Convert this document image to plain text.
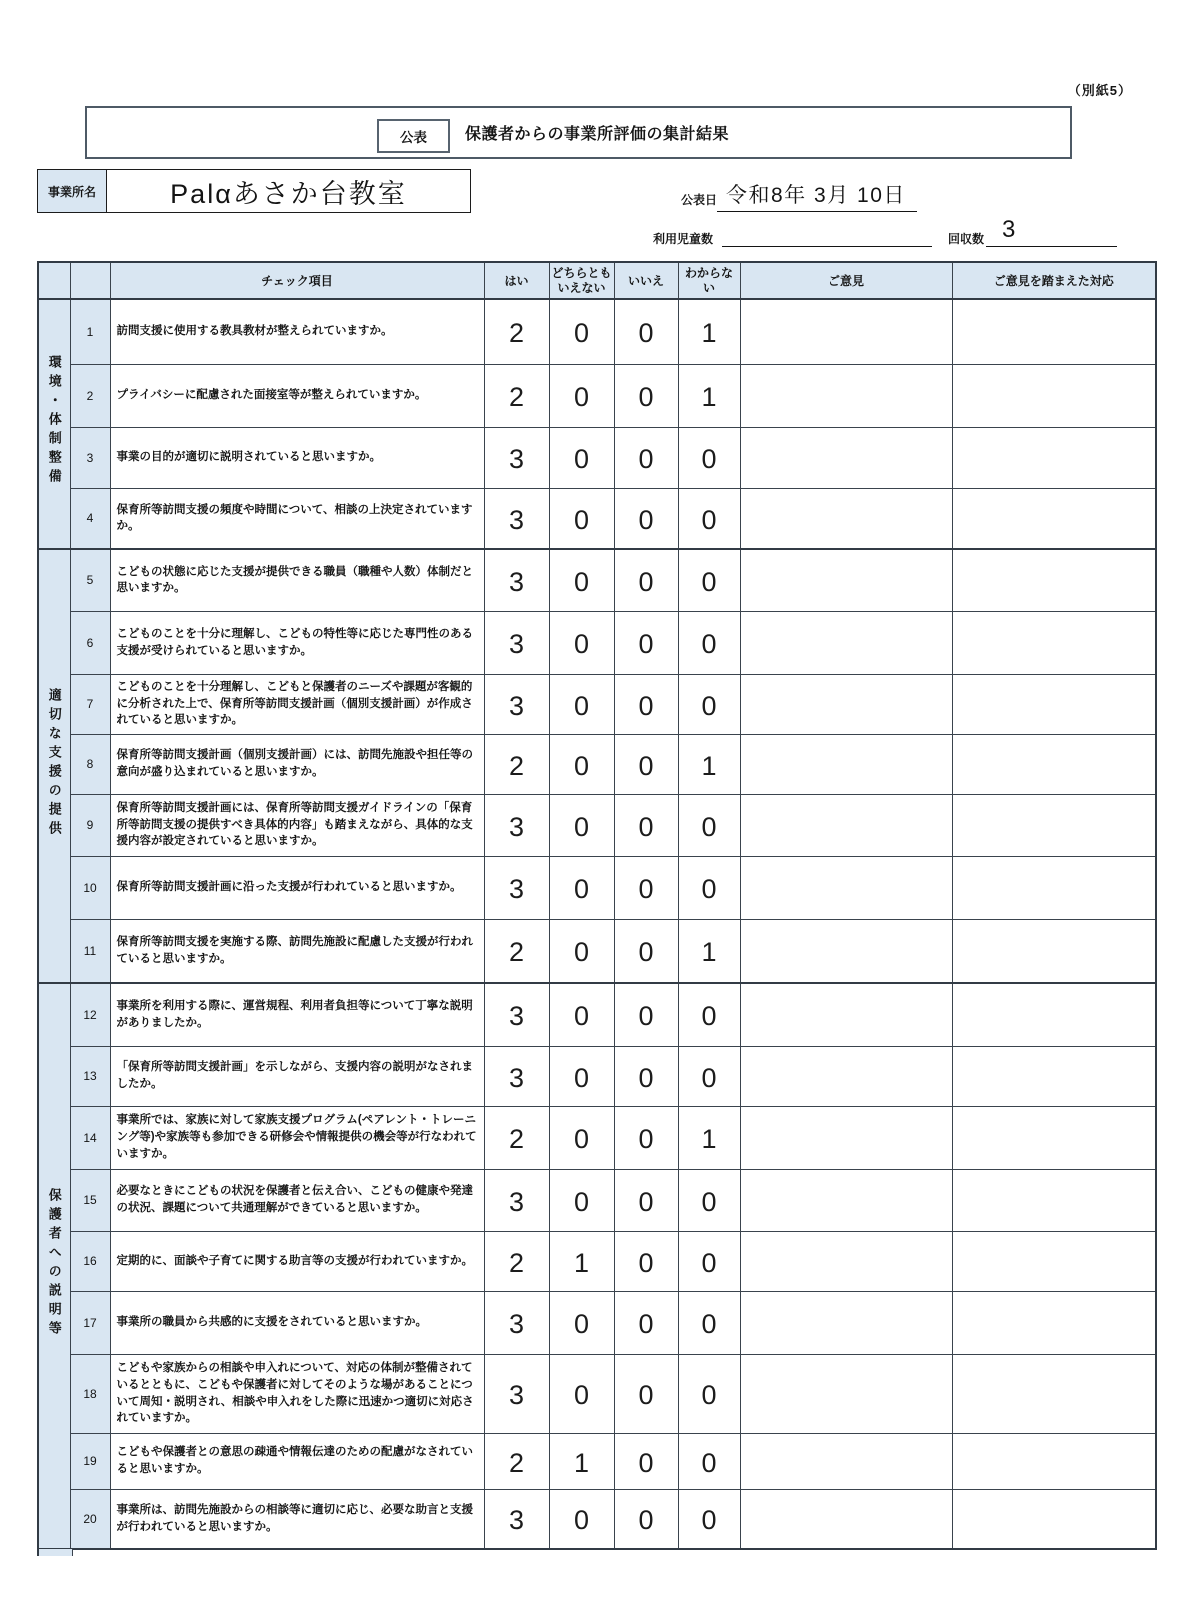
（別紙5）
公表	保護者からの事業所評価の集計結果
事業所名	Palαあさか台教室	公表日 令和8年 3月 10日
利用児童数	回収数 3
		チェック項目	はい	どちらともいえない	いいえ	わからない	ご意見	ご意見を踏まえた対応
環境・体制整備	1	訪問支援に使用する教具教材が整えられていますか。	2	0	0	1		
	2	プライバシーに配慮された面接室等が整えられていますか。	2	0	0	1		
	3	事業の目的が適切に説明されていると思いますか。	3	0	0	0		
	4	保育所等訪問支援の頻度や時間について、相談の上決定されていますか。	3	0	0	0		
適切な支援の提供	5	こどもの状態に応じた支援が提供できる職員（職種や人数）体制だと思いますか。	3	0	0	0		
	6	こどものことを十分に理解し、こどもの特性等に応じた専門性のある支援が受けられていると思いますか。	3	0	0	0		
	7	こどものことを十分理解し、こどもと保護者のニーズや課題が客観的に分析された上で、保育所等訪問支援計画（個別支援計画）が作成されていると思いますか。	3	0	0	0		
	8	保育所等訪問支援計画（個別支援計画）には、訪問先施設や担任等の意向が盛り込まれていると思いますか。	2	0	0	1		
	9	保育所等訪問支援計画には、保育所等訪問支援ガイドラインの「保育所等訪問支援の提供すべき具体的内容」も踏まえながら、具体的な支援内容が設定されていると思いますか。	3	0	0	0		
	10	保育所等訪問支援計画に沿った支援が行われていると思いますか。	3	0	0	0		
	11	保育所等訪問支援を実施する際、訪問先施設に配慮した支援が行われていると思いますか。	2	0	0	1		
保護者への説明等	12	事業所を利用する際に、運営規程、利用者負担等について丁寧な説明がありましたか。	3	0	0	0		
	13	「保育所等訪問支援計画」を示しながら、支援内容の説明がなされましたか。	3	0	0	0		
	14	事業所では、家族に対して家族支援プログラム(ペアレント・トレーニング等)や家族等も参加できる研修会や情報提供の機会等が行なわれていますか。	2	0	0	1		
	15	必要なときにこどもの状況を保護者と伝え合い、こどもの健康や発達の状況、課題について共通理解ができていると思いますか。	3	0	0	0		
	16	定期的に、面談や子育てに関する助言等の支援が行われていますか。	2	1	0	0		
	17	事業所の職員から共感的に支援をされていると思いますか。	3	0	0	0		
	18	こどもや家族からの相談や申入れについて、対応の体制が整備されているとともに、こどもや保護者に対してそのような場があることについて周知・説明され、相談や申入れをした際に迅速かつ適切に対応されていますか。	3	0	0	0		
	19	こどもや保護者との意思の疎通や情報伝達のための配慮がなされていると思いますか。	2	1	0	0		
	20	事業所は、訪問先施設からの相談等に適切に応じ、必要な助言と支援が行われていると思いますか。	3	0	0	0		
